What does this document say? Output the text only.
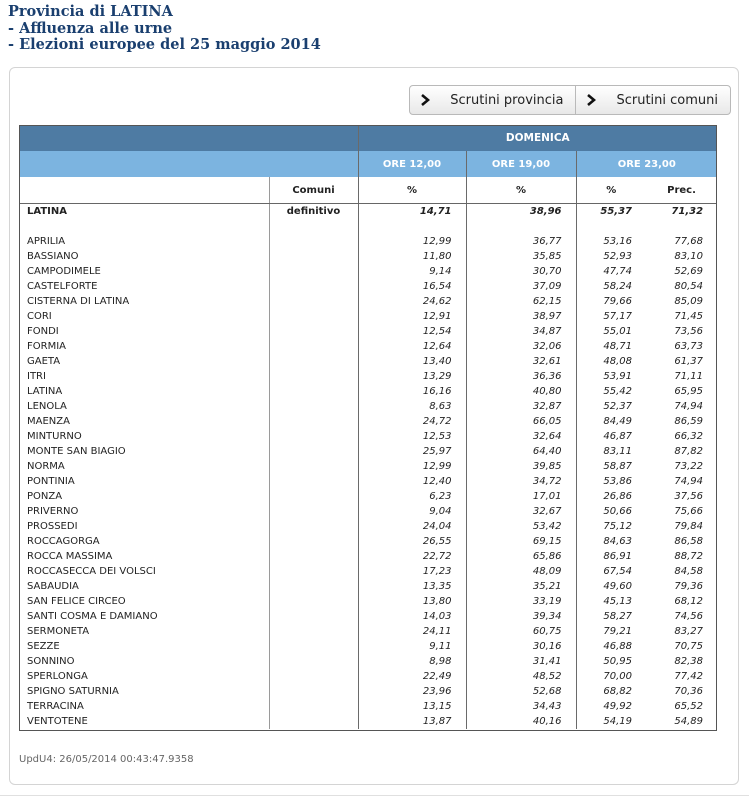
Provincia di LATINA
- Affluenza alle urne
- Elezioni europee del 25 maggio 2014
Scrutini provincia	Scrutini comuni
		DOMENICA			
		ORE 12,00	ORE 19,00	ORE 23,00	
	Comuni	%	%	%	Prec.
LATINA	definitivo	14,71	38,96	55,37	71,32

APRILIA		12,99	36,77	53,16	77,68
BASSIANO		11,80	35,85	52,93	83,10
CAMPODIMELE		9,14	30,70	47,74	52,69
CASTELFORTE		16,54	37,09	58,24	80,54
CISTERNA DI LATINA		24,62	62,15	79,66	85,09
CORI		12,91	38,97	57,17	71,45
FONDI		12,54	34,87	55,01	73,56
FORMIA		12,64	32,06	48,71	63,73
GAETA		13,40	32,61	48,08	61,37
ITRI		13,29	36,36	53,91	71,11
LATINA		16,16	40,80	55,42	65,95
LENOLA		8,63	32,87	52,37	74,94
MAENZA		24,72	66,05	84,49	86,59
MINTURNO		12,53	32,64	46,87	66,32
MONTE SAN BIAGIO		25,97	64,40	83,11	87,82
NORMA		12,99	39,85	58,87	73,22
PONTINIA		12,40	34,72	53,86	74,94
PONZA		6,23	17,01	26,86	37,56
PRIVERNO		9,04	32,67	50,66	75,66
PROSSEDI		24,04	53,42	75,12	79,84
ROCCAGORGA		26,55	69,15	84,63	86,58
ROCCA MASSIMA		22,72	65,86	86,91	88,72
ROCCASECCA DEI VOLSCI		17,23	48,09	67,54	84,58
SABAUDIA		13,35	35,21	49,60	79,36
SAN FELICE CIRCEO		13,80	33,19	45,13	68,12
SANTI COSMA E DAMIANO		14,03	39,34	58,27	74,56
SERMONETA		24,11	60,75	79,21	83,27
SEZZE		9,11	30,16	46,88	70,75
SONNINO		8,98	31,41	50,95	82,38
SPERLONGA		22,49	48,52	70,00	77,42
SPIGNO SATURNIA		23,96	52,68	68,82	70,36
TERRACINA		13,15	34,43	49,92	65,52
VENTOTENE		13,87	40,16	54,19	54,89
UpdU4: 26/05/2014 00:43:47.9358
